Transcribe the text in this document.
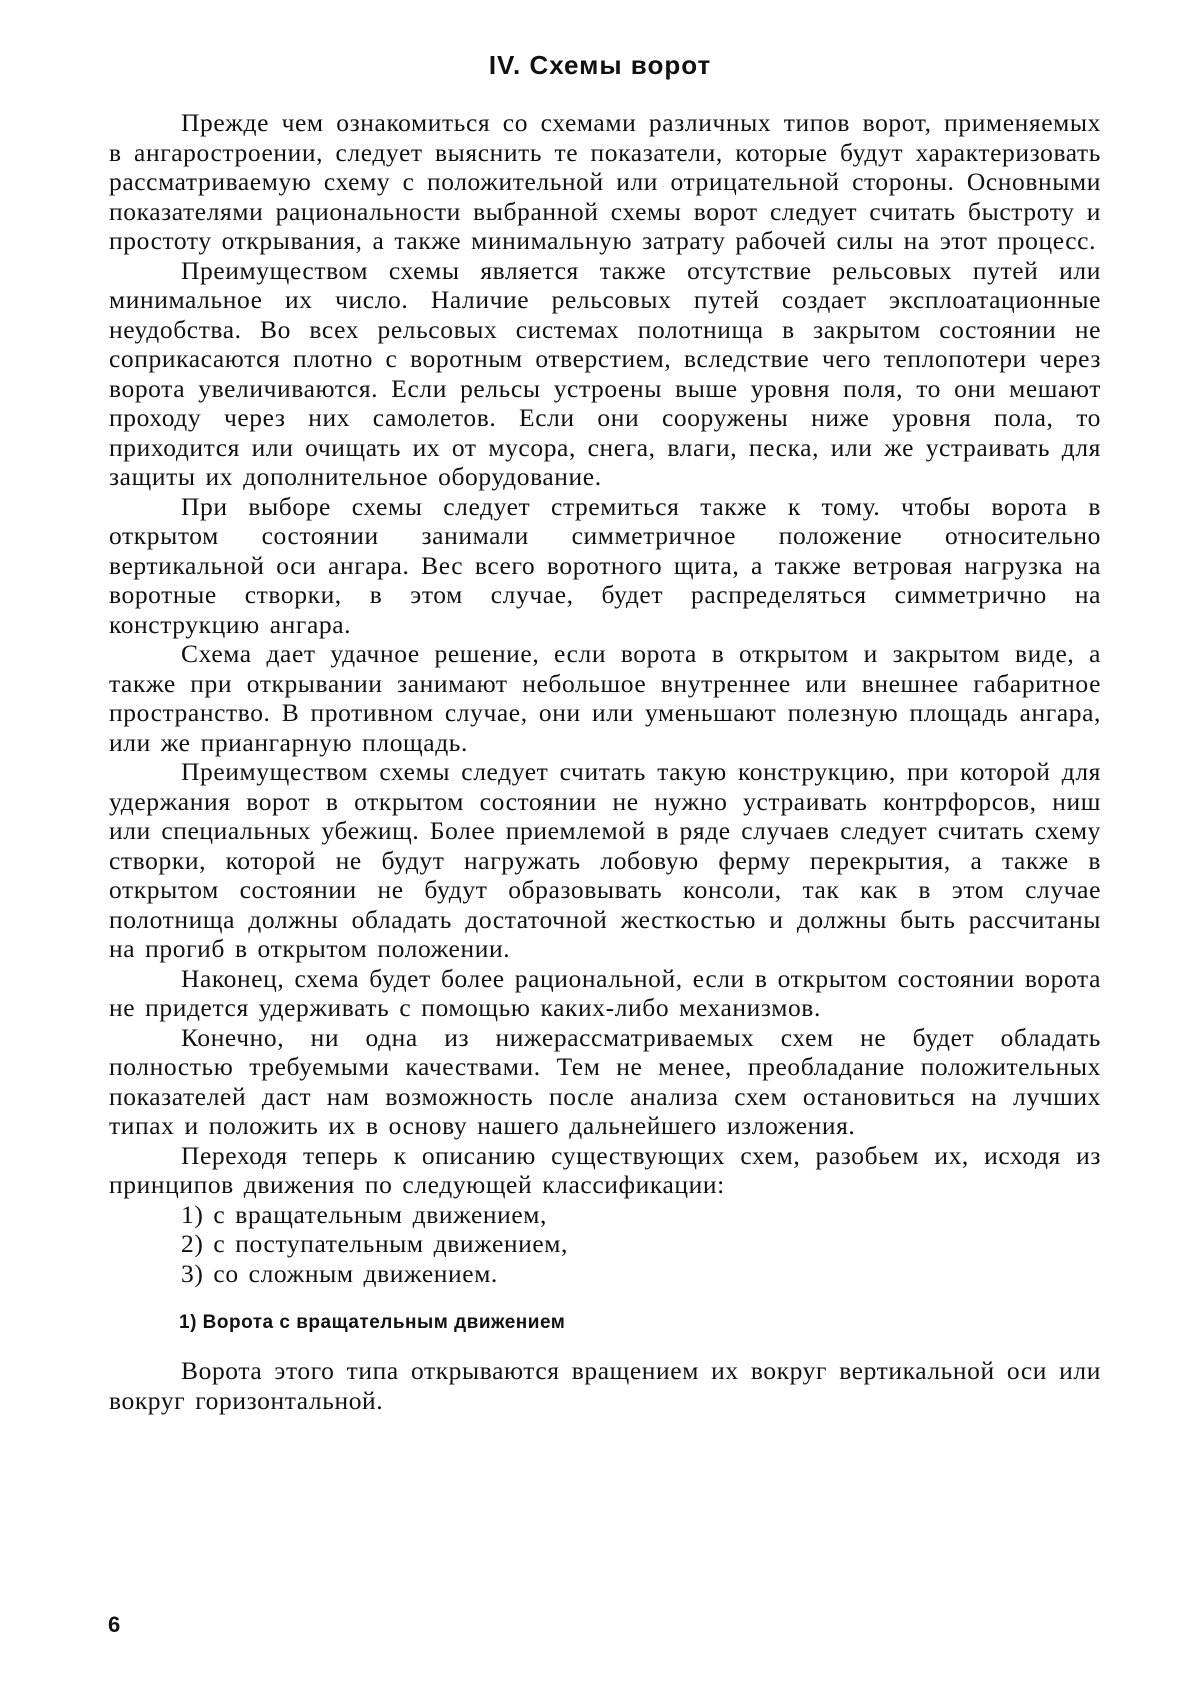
IV. Схемы ворот

Прежде чем ознакомиться со схемами различных типов ворот, применяемых в ангаростроении, следует выяснить те показатели, которые будут характеризовать рассматриваемую схему с положительной или отрицательной стороны. Основными показателями рациональности выбранной схемы ворот следует считать быстроту и простоту открывания, а также минимальную затрату рабочей силы на этот процесс.

Преимуществом схемы является также отсутствие рельсовых путей или минимальное их число. Наличие рельсовых путей создает эксплоатационные неудобства. Во всех рельсовых системах полотнища в закрытом состоянии не соприкасаются плотно с воротным отверстием, вследствие чего теплопотери через ворота увеличиваются. Если рельсы устроены выше уровня поля, то они мешают проходу через них самолетов. Если они сооружены ниже уровня пола, то приходится или очищать их от мусора, снега, влаги, песка, или же устраивать для защиты их дополнительное оборудование.

При выборе схемы следует стремиться также к тому. чтобы ворота в открытом состоянии занимали симметричное положение относительно вертикальной оси ангара. Вес всего воротного щита, а также ветровая нагрузка на воротные створки, в этом случае, будет распределяться симметрично на конструкцию ангара.

Схема дает удачное решение, если ворота в открытом и закрытом виде, а также при открывании занимают небольшое внутреннее или внешнее габаритное пространство. В противном случае, они или уменьшают полезную площадь ангара, или же приангарную площадь.

Преимуществом схемы следует считать такую конструкцию, при которой для удержания ворот в открытом состоянии не нужно устраивать контрфорсов, ниш или специальных убежищ. Более приемлемой в ряде случаев следует считать схему створки, которой не будут нагружать лобовую ферму перекрытия, а также в открытом состоянии не будут образовывать консоли, так как в этом случае полотнища должны обладать достаточной жесткостью и должны быть рассчитаны на прогиб в открытом положении.

Наконец, схема будет более рациональной, если в открытом состоянии ворота не придется удерживать с помощью каких-либо механизмов.

Конечно, ни одна из нижерассматриваемых схем не будет обладать полностью требуемыми качествами. Тем не менее, преобладание положительных показателей даст нам возможность после анализа схем остановиться на лучших типах и положить их в основу нашего дальнейшего изложения.

Переходя теперь к описанию существующих схем, разобьем их, исходя из принципов движения по следующей классификации:

1) с вращательным движением,
2) с поступательным движением,
3) со сложным движением.
1) Ворота с вращательным движением

Ворота этого типа открываются вращением их вокруг вертикальной оси или вокруг горизонтальной.

6
